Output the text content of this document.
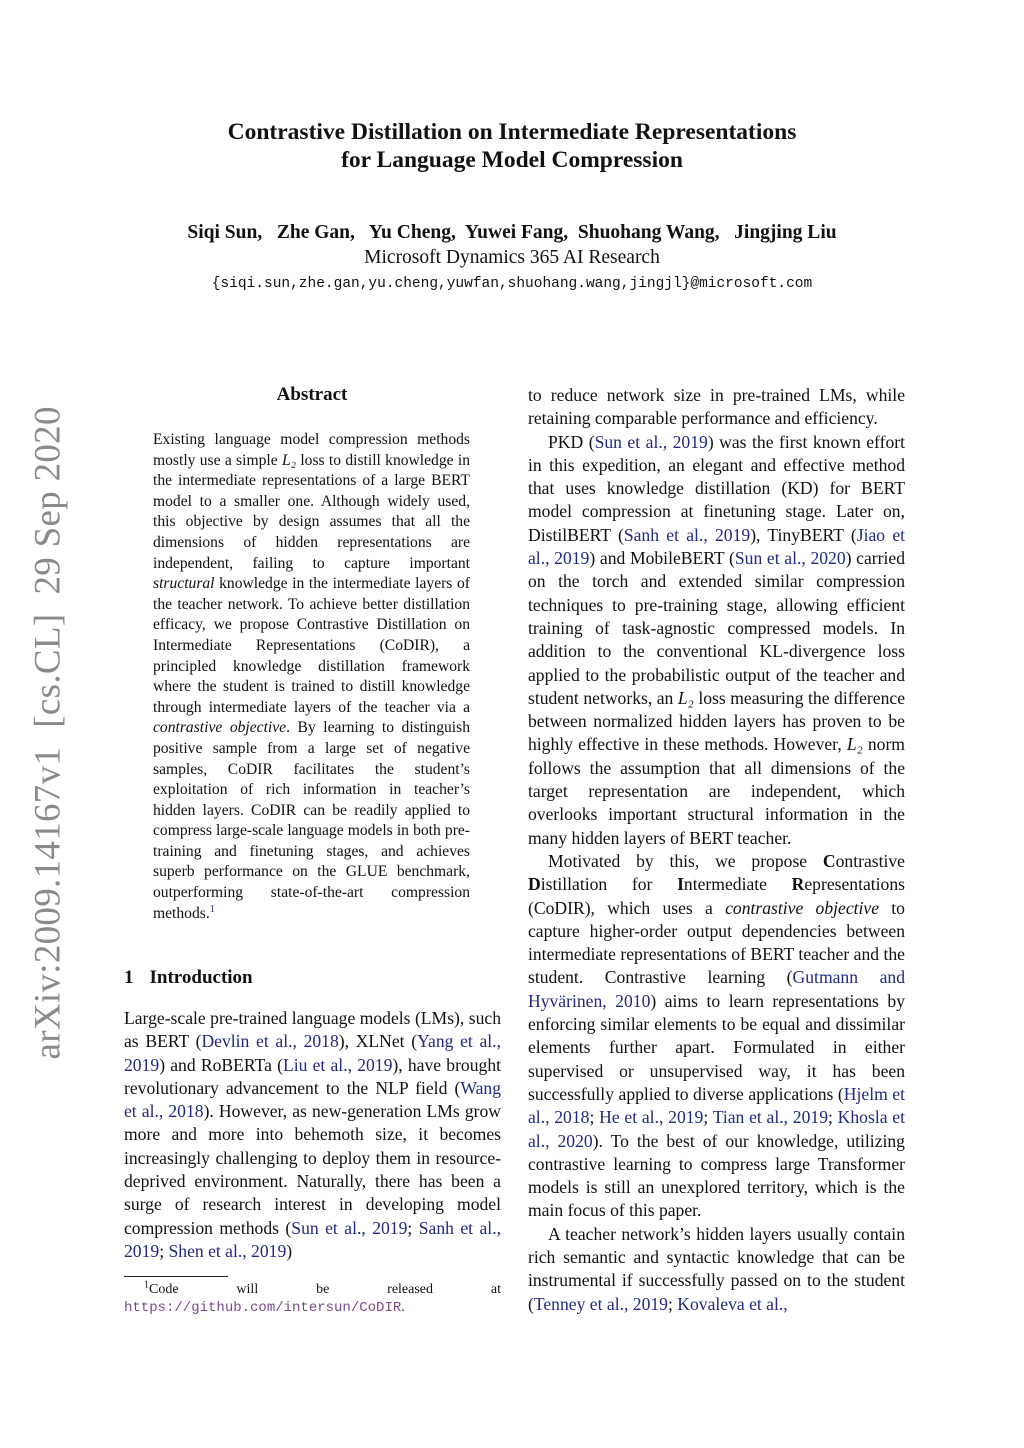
Contrastive Distillation on Intermediate Representations
for Language Model Compression
Siqi Sun,   Zhe Gan,   Yu Cheng,  Yuwei Fang,  Shuohang Wang,   Jingjing Liu
Microsoft Dynamics 365 AI Research
{siqi.sun,zhe.gan,yu.cheng,yuwfan,shuohang.wang,jingjl}@microsoft.com
arXiv:2009.14167v1  [cs.CL]  29 Sep 2020
Abstract

Existing language model compression methods mostly use a simple L₂ loss to distill knowledge in the intermediate representations of a large BERT model to a smaller one. Although widely used, this objective by design assumes that all the dimensions of hidden representations are independent, failing to capture important structural knowledge in the intermediate layers of the teacher network. To achieve better distillation efficacy, we propose Contrastive Distillation on Intermediate Representations (CoDIR), a principled knowledge distillation framework where the student is trained to distill knowledge through intermediate layers of the teacher via a contrastive objective. By learning to distinguish positive sample from a large set of negative samples, CoDIR facilitates the student’s exploitation of rich information in teacher’s hidden layers. CoDIR can be readily applied to compress large-scale language models in both pre-training and finetuning stages, and achieves superb performance on the GLUE benchmark, outperforming state-of-the-art compression methods.$^1$

1 Introduction

Large-scale pre-trained language models (LMs), such as BERT (Devlin et al., 2018), XLNet (Yang et al., 2019) and RoBERTa (Liu et al., 2019), have brought revolutionary advancement to the NLP field (Wang et al., 2018). However, as new-generation LMs grow more and more into behemoth size, it becomes increasingly challenging to deploy them in resource-deprived environment. Naturally, there has been a surge of research interest in developing model compression methods (Sun et al., 2019; Sanh et al., 2019; Shen et al., 2019)

$^1$Code will be released at https://github.com/intersun/CoDIR.

to reduce network size in pre-trained LMs, while retaining comparable performance and efficiency.

PKD (Sun et al., 2019) was the first known effort in this expedition, an elegant and effective method that uses knowledge distillation (KD) for BERT model compression at finetuning stage. Later on, DistilBERT (Sanh et al., 2019), TinyBERT (Jiao et al., 2019) and MobileBERT (Sun et al., 2020) carried on the torch and extended similar compression techniques to pre-training stage, allowing efficient training of task-agnostic compressed models. In addition to the conventional KL-divergence loss applied to the probabilistic output of the teacher and student networks, an L₂ loss measuring the difference between normalized hidden layers has proven to be highly effective in these methods. However, L₂ norm follows the assumption that all dimensions of the target representation are independent, which overlooks important structural information in the many hidden layers of BERT teacher.

Motivated by this, we propose Contrastive Distillation for Intermediate Representations (CoDIR), which uses a contrastive objective to capture higher-order output dependencies between intermediate representations of BERT teacher and the student. Contrastive learning (Gutmann and Hyvärinen, 2010) aims to learn representations by enforcing similar elements to be equal and dissimilar elements further apart. Formulated in either supervised or unsupervised way, it has been successfully applied to diverse applications (Hjelm et al., 2018; He et al., 2019; Tian et al., 2019; Khosla et al., 2020). To the best of our knowledge, utilizing contrastive learning to compress large Transformer models is still an unexplored territory, which is the main focus of this paper.

A teacher network’s hidden layers usually contain rich semantic and syntactic knowledge that can be instrumental if successfully passed on to the student (Tenney et al., 2019; Kovaleva et al.,
